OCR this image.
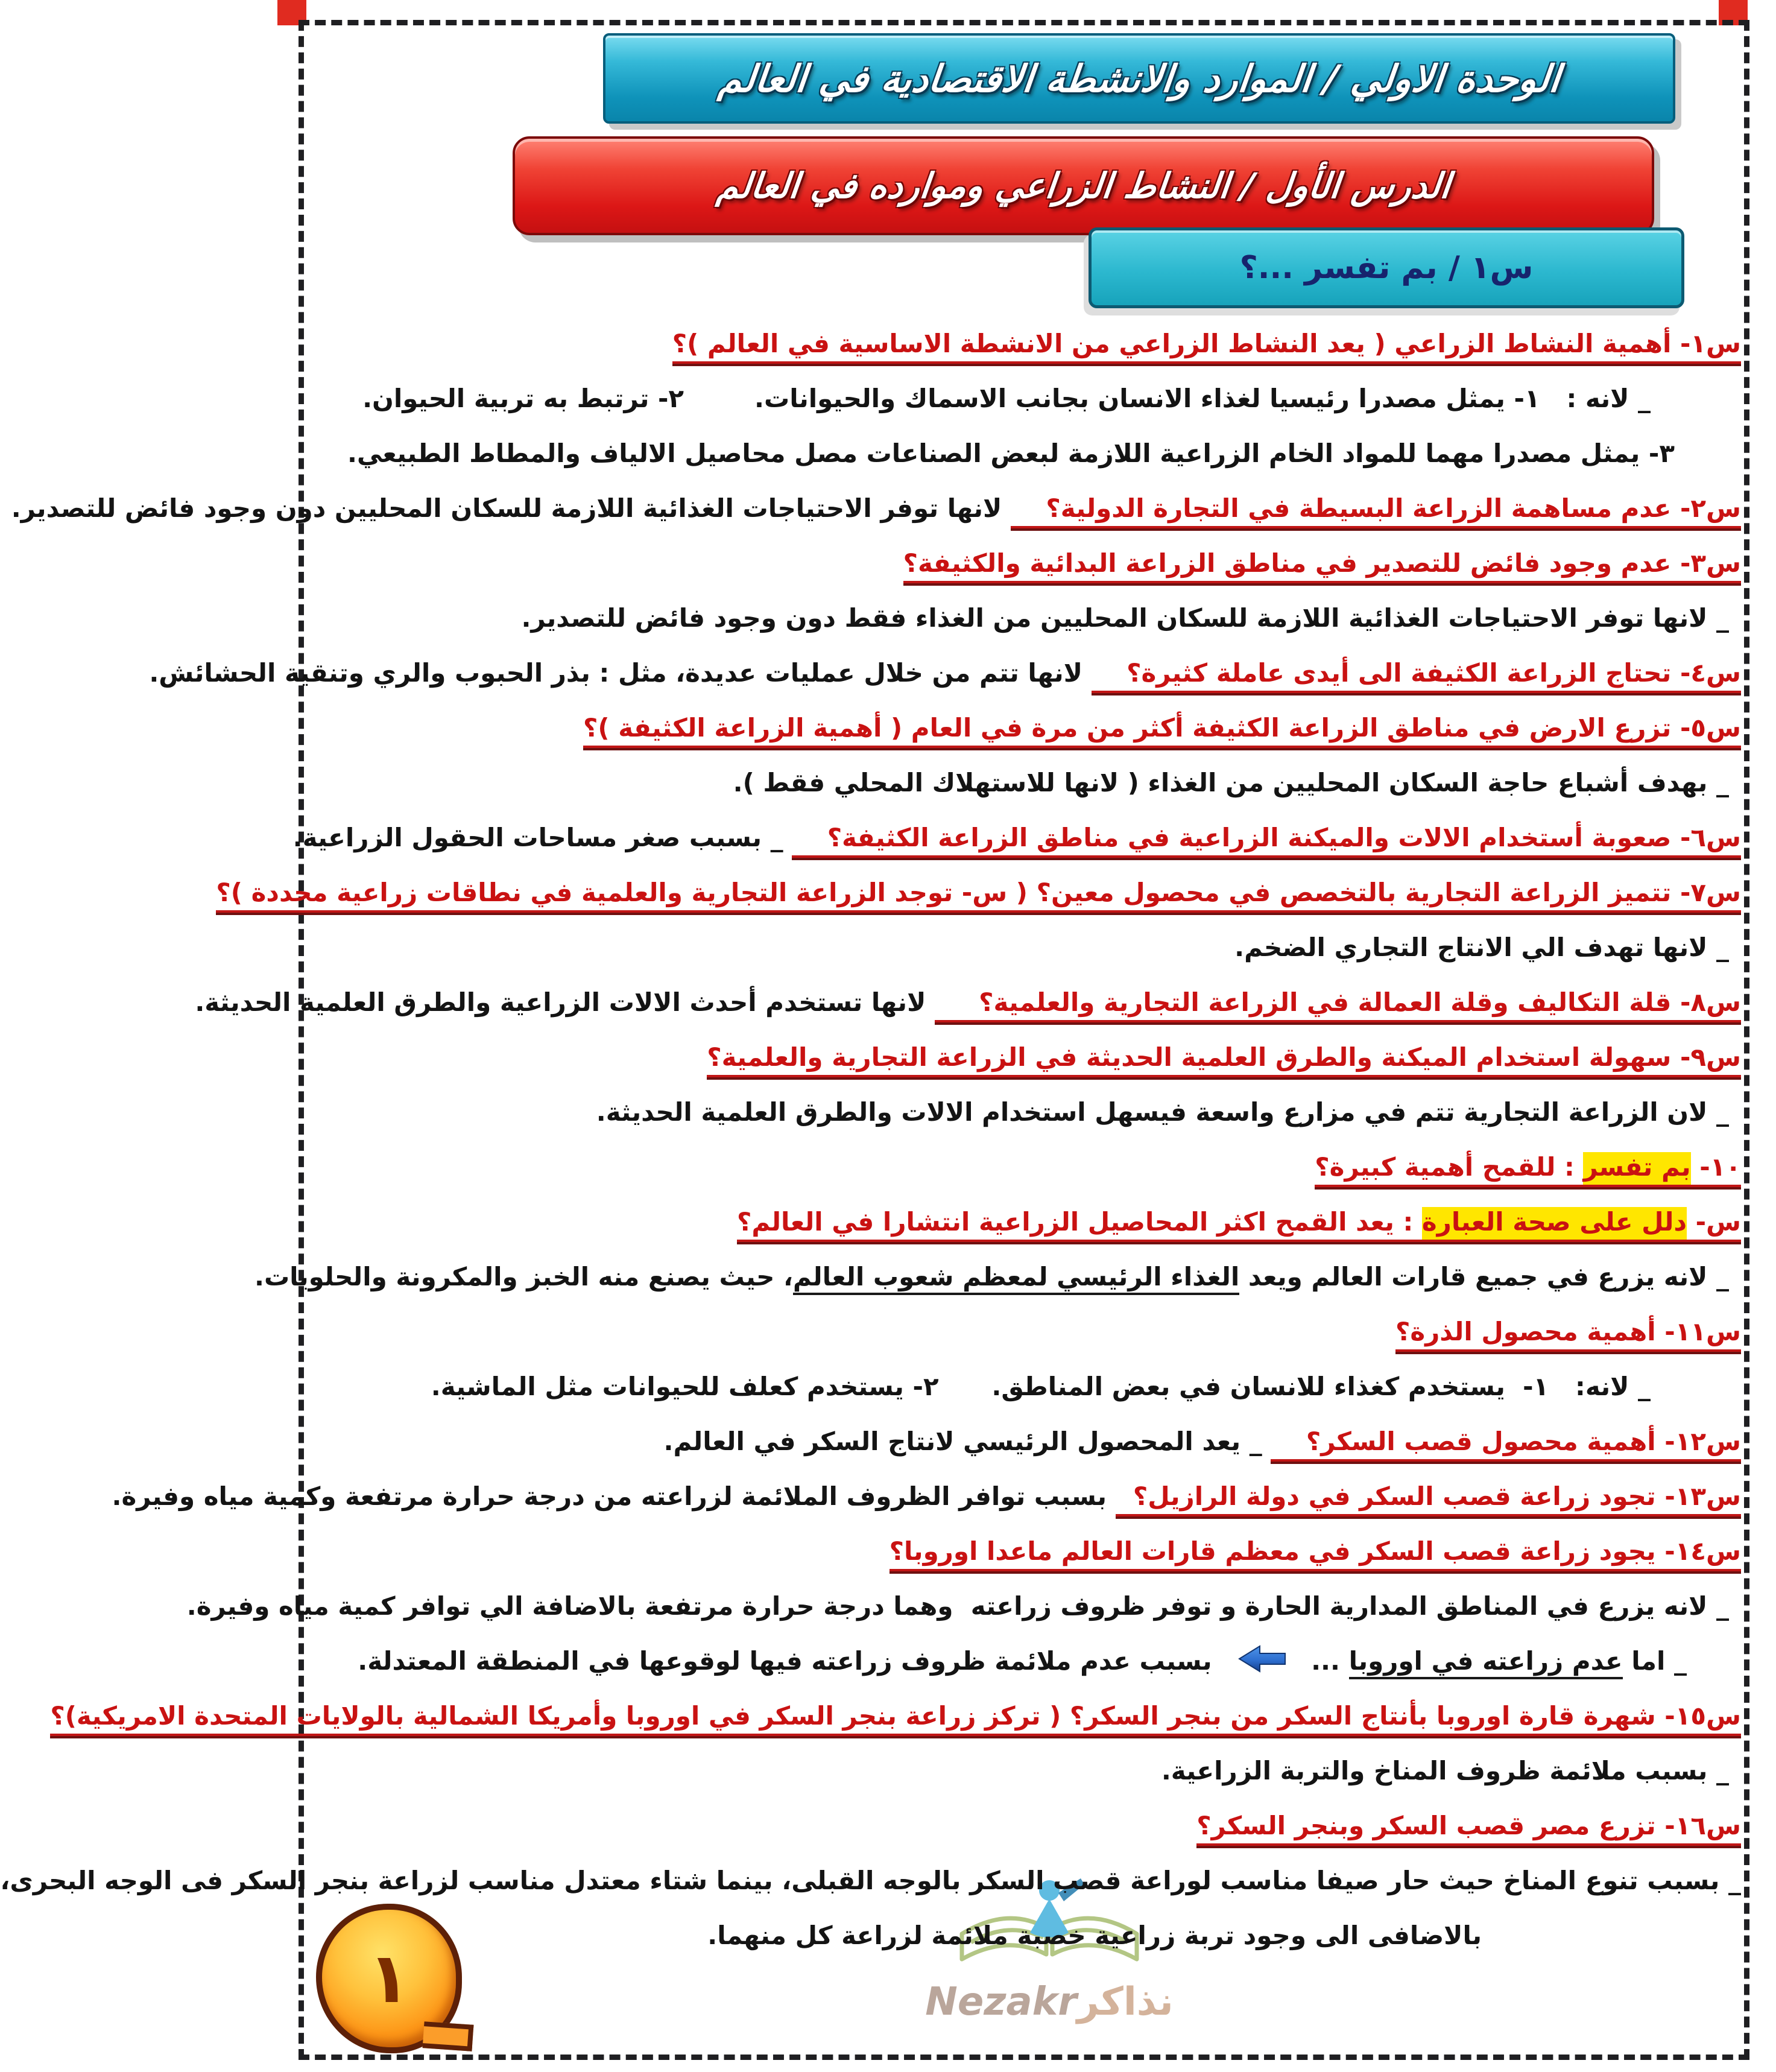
الوحدة الاولي / الموارد والانشطة الاقتصادية في العالم
الدرس الأول / النشاط الزراعي وموارده في العالم
س١ / بم تفسر ...؟
س١- أهمية النشاط الزراعي ( يعد النشاط الزراعي من الانشطة الاساسية في العالم )؟
_ لانه :   ١- يمثل مصدرا رئيسيا لغذاء الانسان بجانب الاسماك والحيوانات.        ٢- ترتبط به تربية الحيوان.
٣- يمثل مصدرا مهما للمواد الخام الزراعية اللازمة لبعض الصناعات مصل محاصيل الالياف والمطاط الطبيعي.
س٢- عدم مساهمة الزراعة البسيطة في التجارة الدولية؟     لانها توفر الاحتياجات الغذائية اللازمة للسكان المحليين دون وجود فائض للتصدير.
س٣- عدم وجود فائض للتصدير في مناطق الزراعة البدائية والكثيفة؟
_ لانها توفر الاحتياجات الغذائية اللازمة للسكان المحليين من الغذاء فقط دون وجود فائض للتصدير.
س٤- تحتاج الزراعة الكثيفة الى أيدى عاملة كثيرة؟     لانها تتم من خلال عمليات عديدة، مثل : بذر الحبوب والري وتنقية الحشائش.
س٥- تزرع الارض في مناطق الزراعة الكثيفة أكثر من مرة في العام ( أهمية الزراعة الكثيفة )؟
_ بهدف أشباع حاجة السكان المحليين من الغذاء ( لانها للاستهلاك المحلي فقط ).
س٦- صعوبة أستخدام الالات والميكنة الزراعية في مناطق الزراعة الكثيفة؟     _ بسبب صغر مساحات الحقول الزراعية.
س٧- تتميز الزراعة التجارية بالتخصص في محصول معين؟ ( س- توجد الزراعة التجارية والعلمية في نطاقات زراعية محددة )؟
_ لانها تهدف الي الانتاج التجاري الضخم.
س٨- قلة التكاليف وقلة العمالة في الزراعة التجارية والعلمية؟      لانها تستخدم أحدث الالات الزراعية والطرق العلمية الحديثة.
س٩- سهولة استخدام الميكنة والطرق العلمية الحديثة في الزراعة التجارية والعلمية؟
_ لان الزراعة التجارية تتم في مزارع واسعة فيسهل استخدام الالات والطرق العلمية الحديثة.
١٠- بم تفسر : للقمح أهمية كبيرة؟
س- دلل على صحة العبارة : يعد القمح اكثر المحاصيل الزراعية انتشارا في العالم؟
_ لانه يزرع في جميع قارات العالم ويعد الغذاء الرئيسي لمعظم شعوب العالم، حيث يصنع منه الخبز والمكرونة والحلويات.
س١١- أهمية محصول الذرة؟
_ لانه:   ١-  يستخدم كغذاء للانسان في بعض المناطق.      ٢- يستخدم كعلف للحيوانات مثل الماشية.
س١٢- أهمية محصول قصب السكر؟     _ يعد المحصول الرئيسي لانتاج السكر في العالم.
س١٣- تجود زراعة قصب السكر في دولة الرازيل؟   بسبب توافر الظروف الملائمة لزراعته من درجة حرارة مرتفعة وكمية مياه وفيرة.
س١٤- يجود زراعة قصب السكر في معظم قارات العالم ماعدا اوروبا؟
_ لانه يزرع في المناطق المدارية الحارة و توفر ظروف زراعته  وهما درجة حرارة مرتفعة بالاضافة الي توافر كمية مياه وفيرة.
_ اما عدم زراعته في اوروبا ...    بسبب عدم ملائمة ظروف زراعته فيها لوقوعها في المنطقة المعتدلة.
س١٥- شهرة قارة اوروبا بأنتاج السكر من بنجر السكر؟ ( تركز زراعة بنجر السكر في اوروبا وأمريكا الشمالية بالولايات المتحدة الامريكية)؟
_ بسبب ملائمة ظروف المناخ والتربة الزراعية.
س١٦- تزرع مصر قصب السكر وبنجر السكر؟
_ بسبب تنوع المناخ حيث حار صيفا مناسب لوراعة قصب السكر بالوجه القبلى، بينما شتاء معتدل مناسب لزراعة بنجر السكر فى الوجه البحرى،
بالاضافى الى وجود تربة زراعية خصبة ملائمة لزراعة كل منهما.
Nezakrنذاكر
١
